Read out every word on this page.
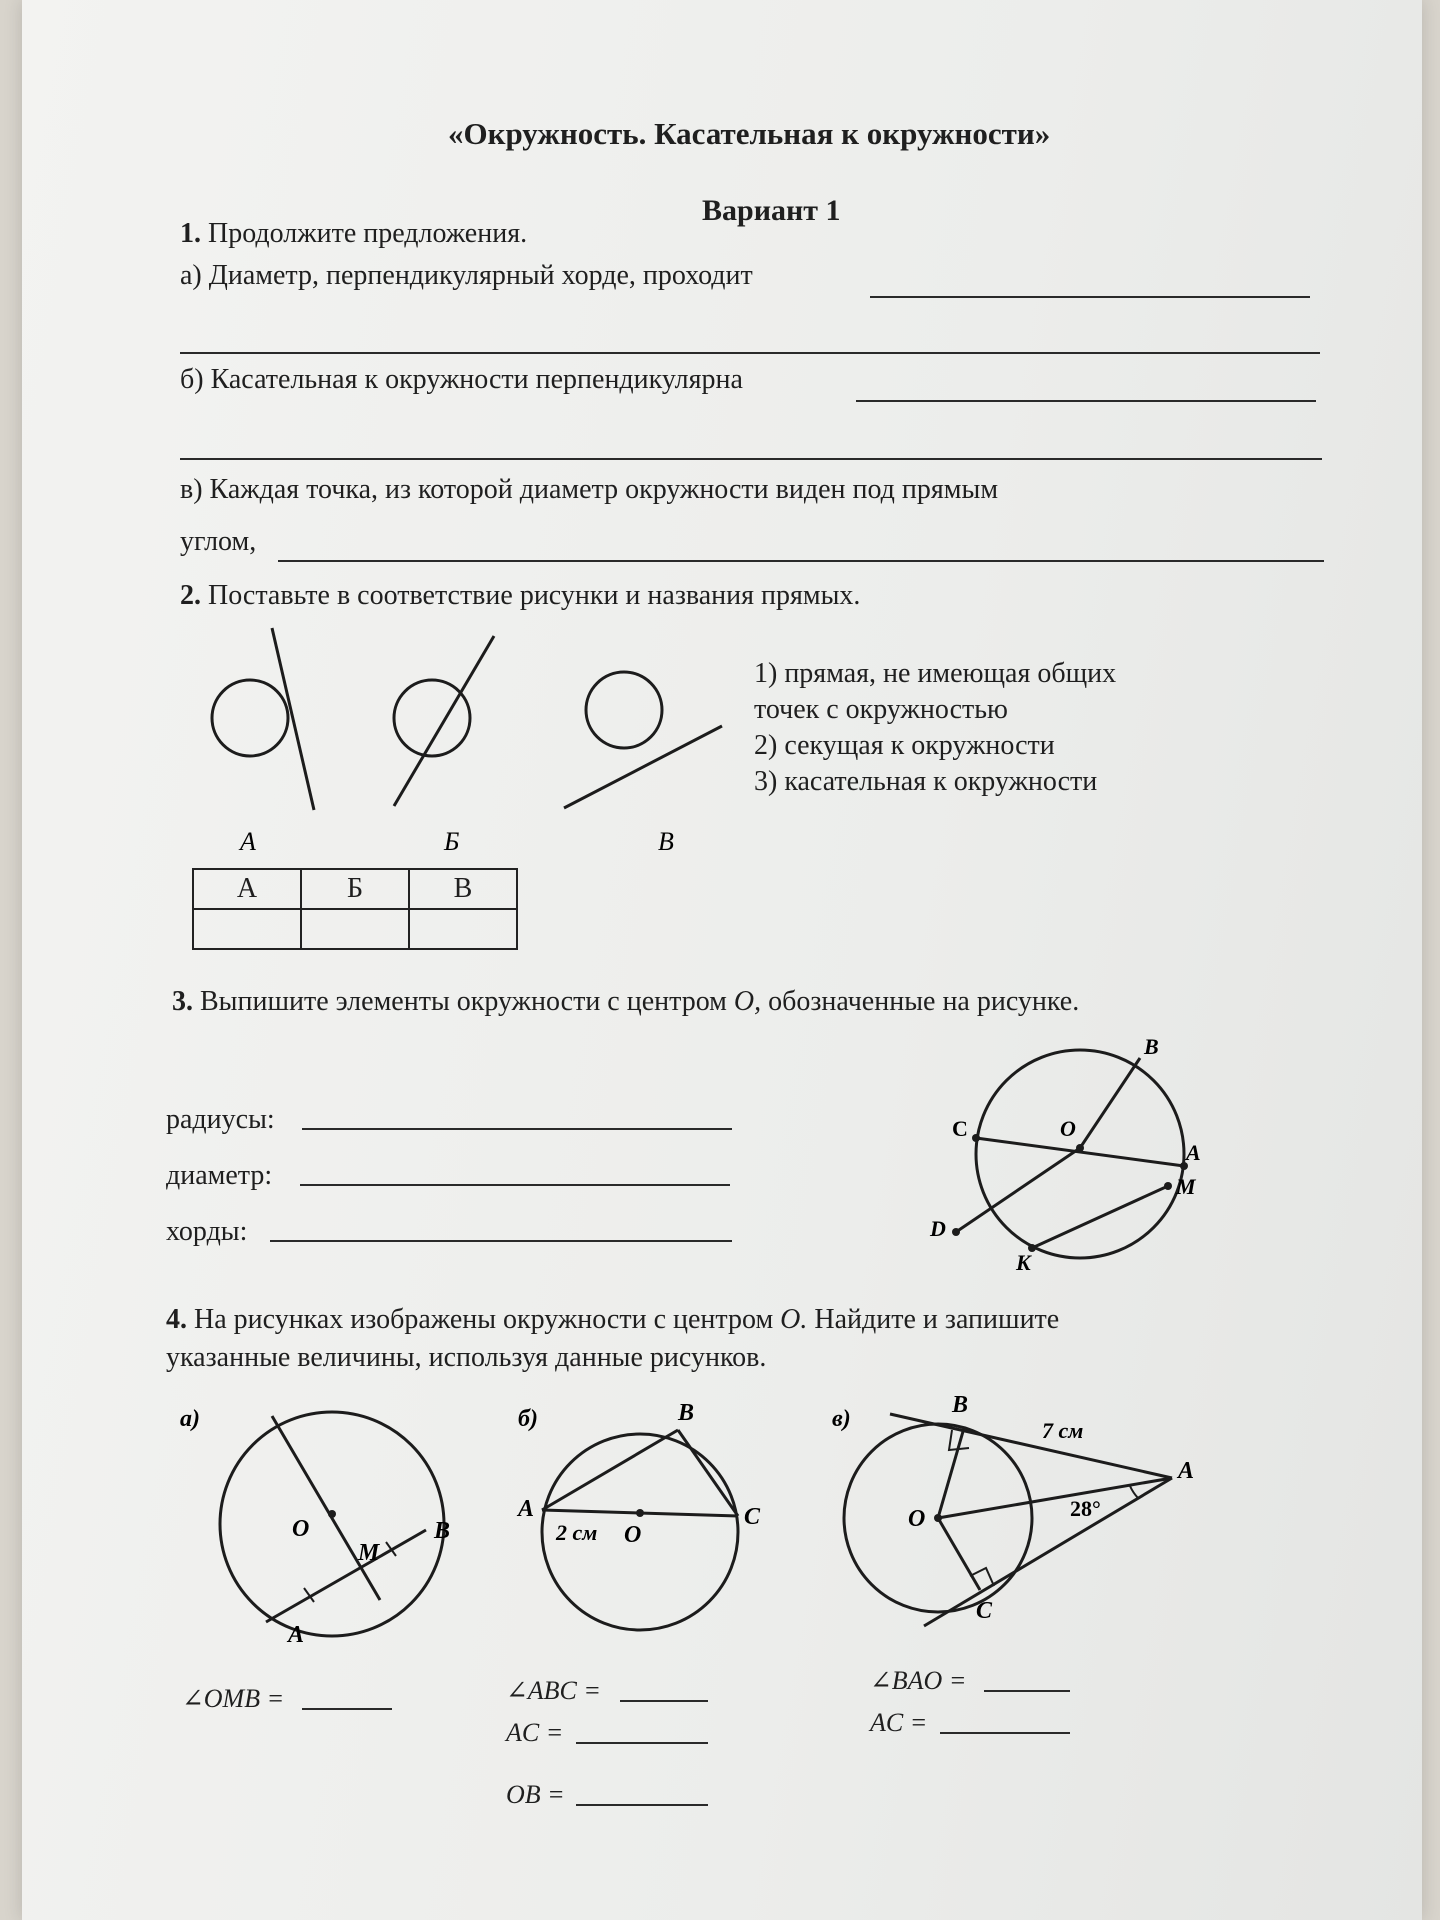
«Окружность. Касательная к окружности»
Вариант 1
1. Продолжите предложения.
а) Диаметр, перпендикулярный хорде, проходит
б) Касательная к окружности перпендикулярна
в) Каждая точка, из которой диаметр окружности виден под прямым
углом,
2. Поставьте в соответствие рисунки и названия прямых.
А	Б	В
1) прямая, не имеющая общих
точек с окружностью
2) секущая к окружности
3) касательная к окружности
А	Б	В

3. Выпишите элементы окружности с центром О, обозначенные на рисунке.
радиусы:
диаметр:
хорды:
B
C	O
A
M
D
K
4. На рисунках изображены окружности с центром О. Найдите и запишите
указанные величины, используя данные рисунков.
а)
O
M
B
A
б)
A
B
C
2 см O
в)
B
7 см
A
O	28°
C
∠OMB =	∠ABC =
AC =
OB =
∠BAO =
AC =
